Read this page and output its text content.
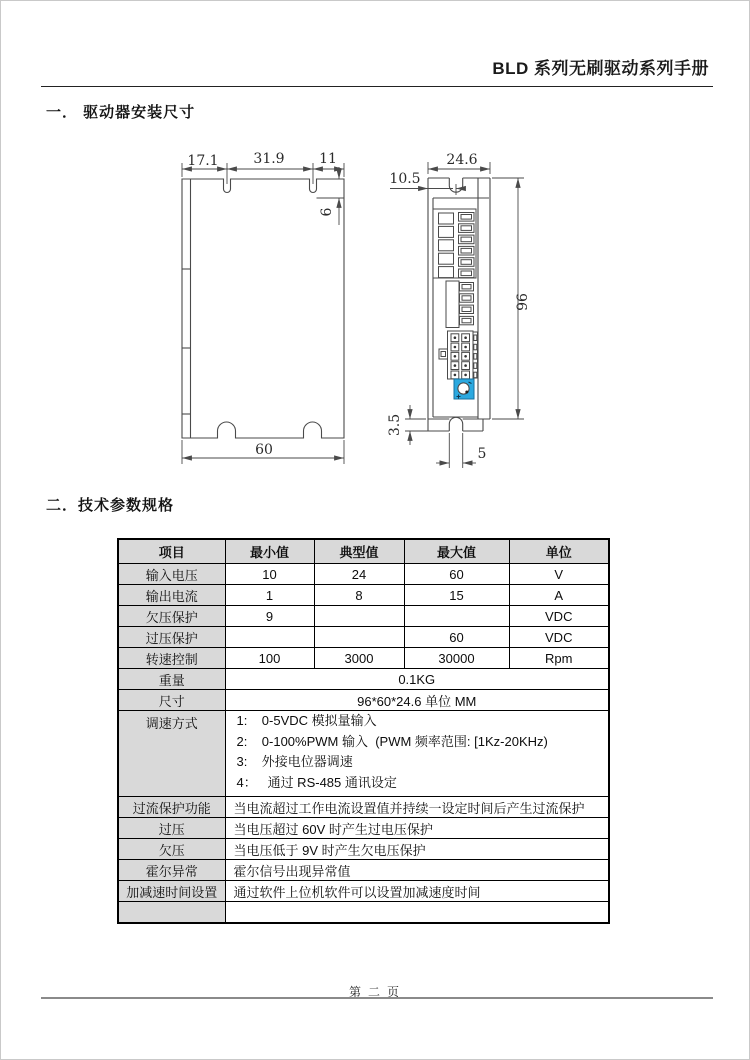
BLD 系列无刷驱动系列手册
一． 驱动器安装尺寸
17.1 31.9 11
6
60
24.6
10.5
96
3.5
5
二．技术参数规格
项目	最小值	典型值	最大值	单位
输入电压	10	24	60	V
输出电流	1	8	15	A
欠压保护	9			VDC
过压保护			60	VDC
转速控制	100	3000	30000	Rpm
重量	0.1KG			
尺寸	96*60*24.6 单位 MM			
调速方式	1:    0-5VDC 模拟量输入
2:    0-100%PWM 输入  (PWM 频率范围: [1Kz-20KHz)
3:    外接电位器调速
4：   通过 RS-485 通讯设定			

过流保护功能	当电流超过工作电流设置值并持续一设定时间后产生过流保护			
过压	当电压超过 60V 时产生过电压保护			
欠压	当电压低于 9V 时产生欠电压保护			
霍尔异常	霍尔信号出现异常值			
加减速时间设置	通过软件上位机软件可以设置加减速度时间			

第 二 页
